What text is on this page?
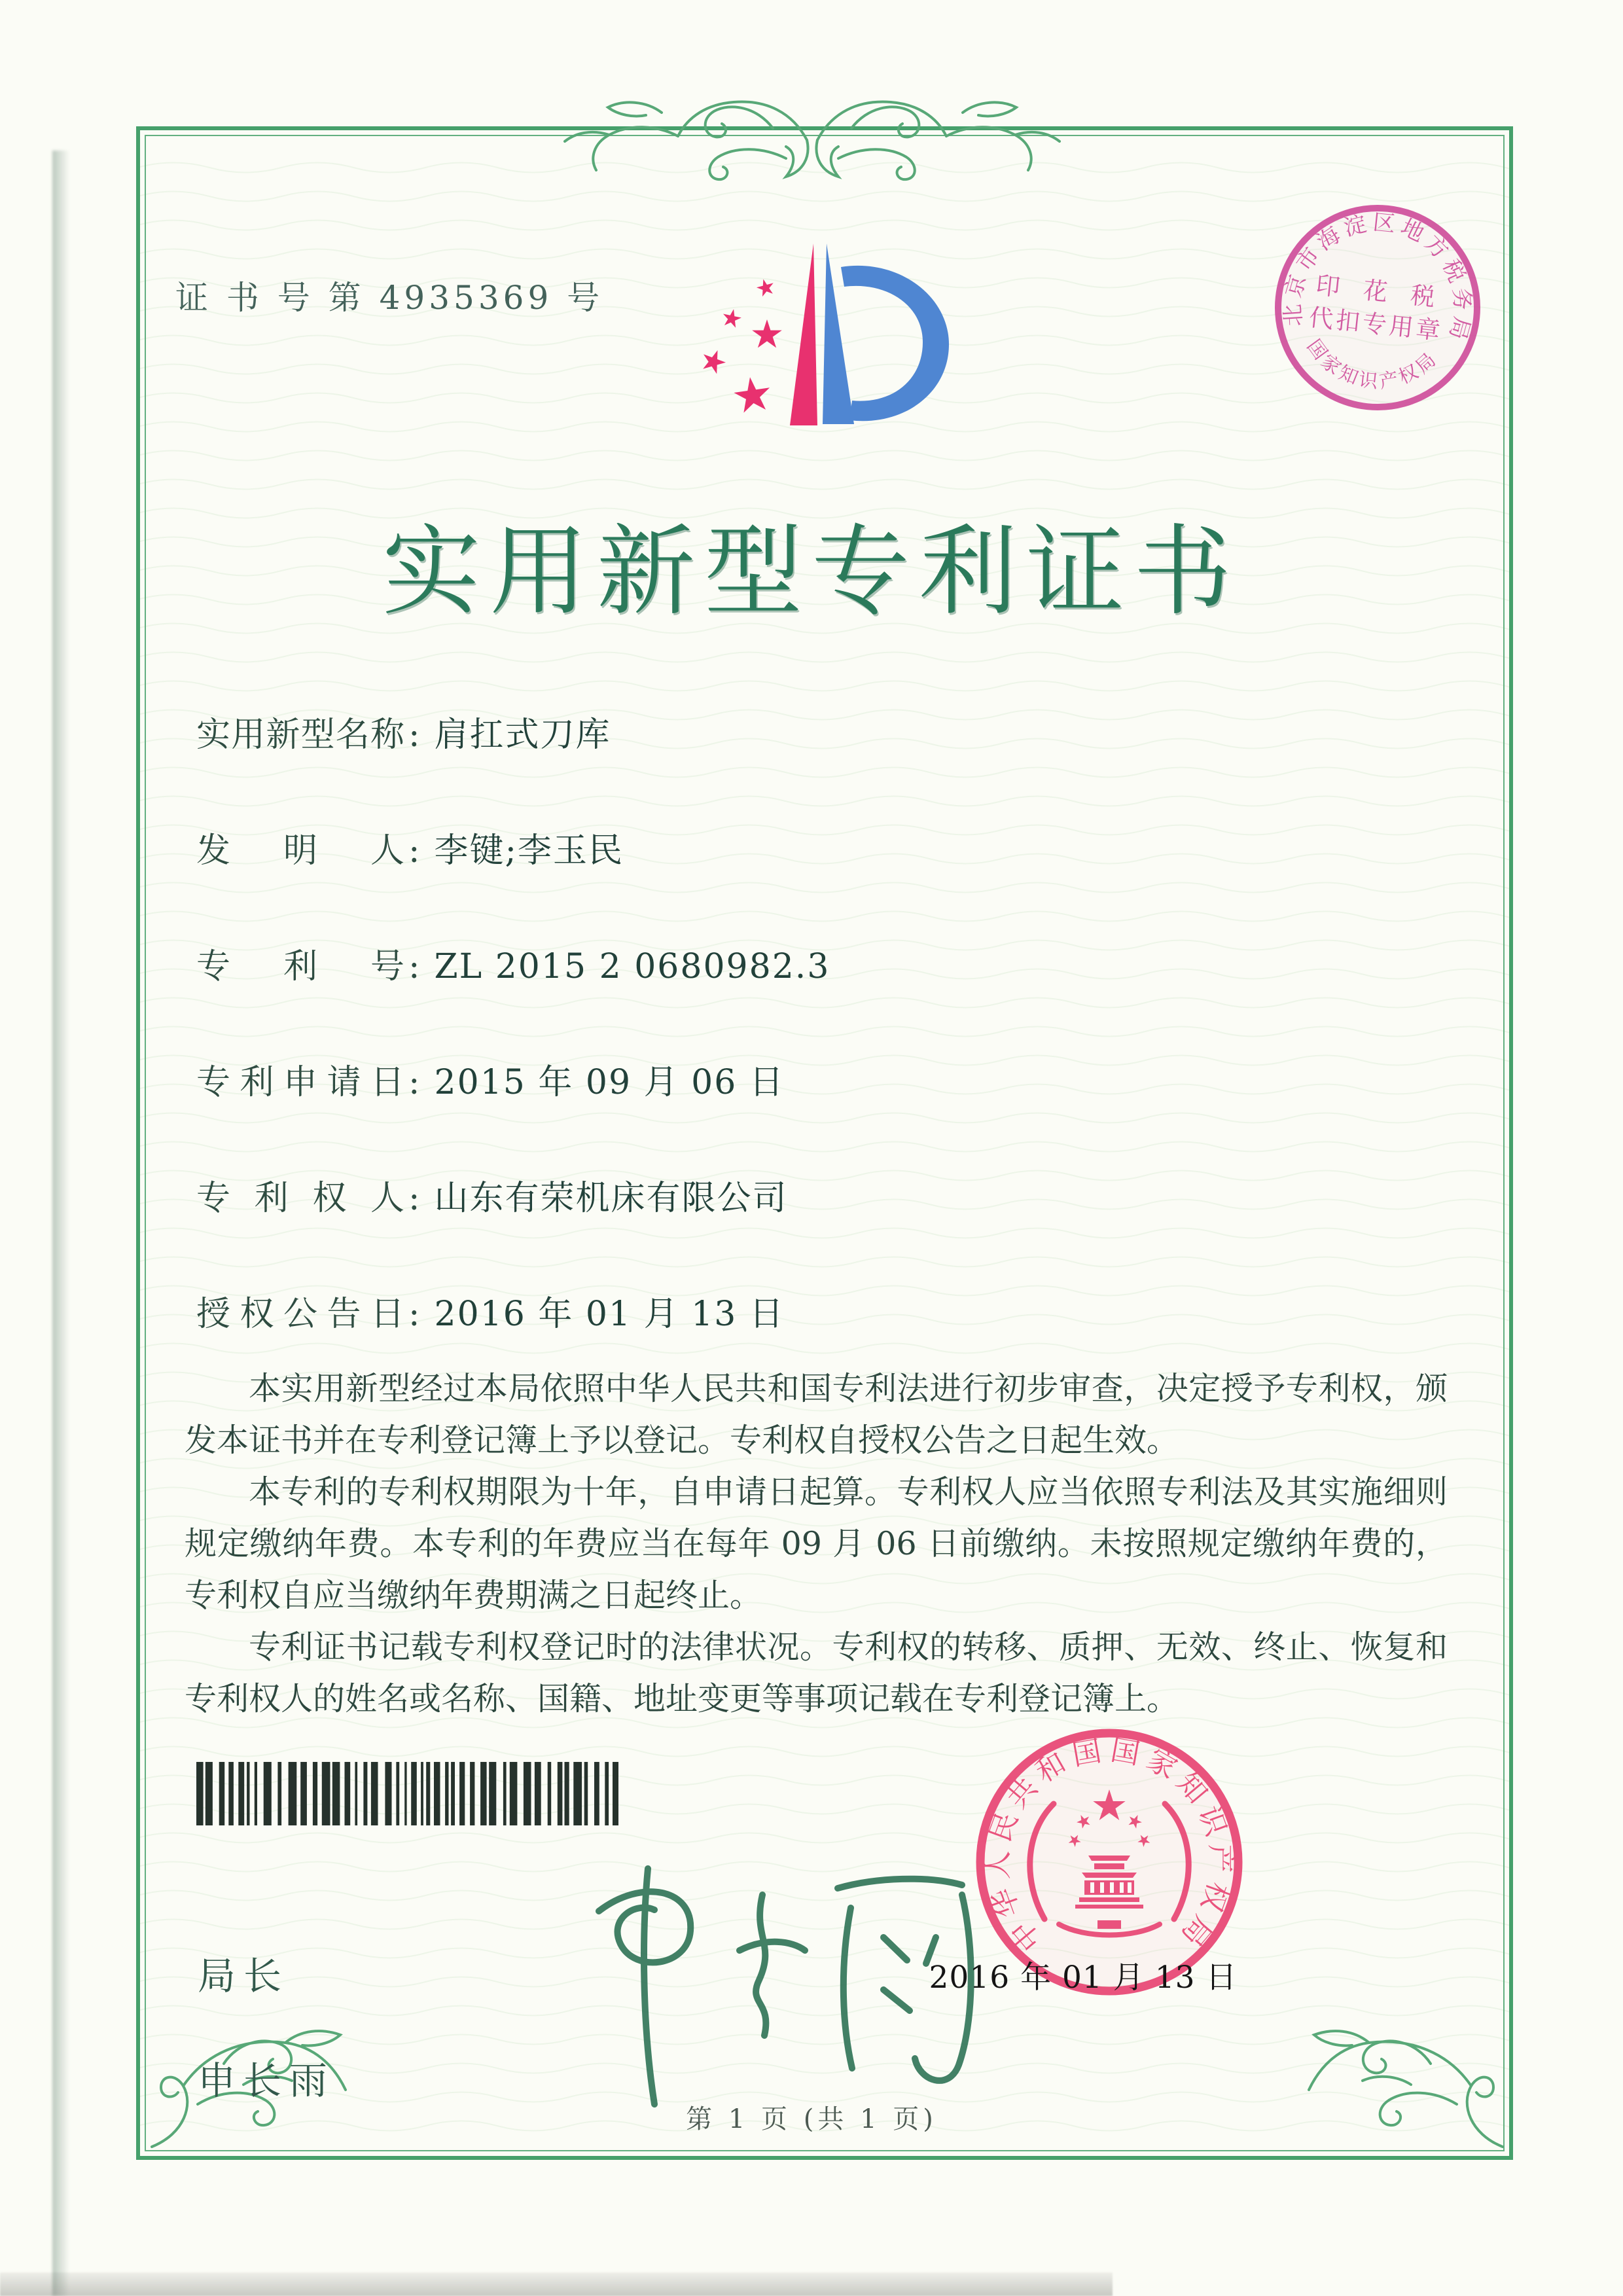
北京市海淀区地方税务局
国家知识产权局
印 花 税
代扣专用章
证 书 号 第 4935369 号
实用新型专利证书
实用新型名称 : 肩扛式刀库
发明人 : 李键;李玉民
专利号 : ZL 2015 2 0680982.3
专利申请日 : 2015 年 09 月 06 日
专利权人 : 山东有荣机床有限公司
授权公告日 : 2016 年 01 月 13 日

本实用新型经过本局依照中华人民共和国专利法进行初步审查，决定授予专利权，颁发本证书并在专利登记簿上予以登记。专利权自授权公告之日起生效。

本专利的专利权期限为十年，自申请日起算。专利权人应当依照专利法及其实施细则规定缴纳年费。本专利的年费应当在每年 09 月 06 日前缴纳。未按照规定缴纳年费的，专利权自应当缴纳年费期满之日起终止。

专利证书记载专利权登记时的法律状况。专利权的转移、质押、无效、终止、恢复和专利权人的姓名或名称、国籍、地址变更等事项记载在专利登记簿上。

局长
申长雨
中华人民共和国国家知识产权局
2016 年 01 月 13 日
第 1 页 (共 1 页)
